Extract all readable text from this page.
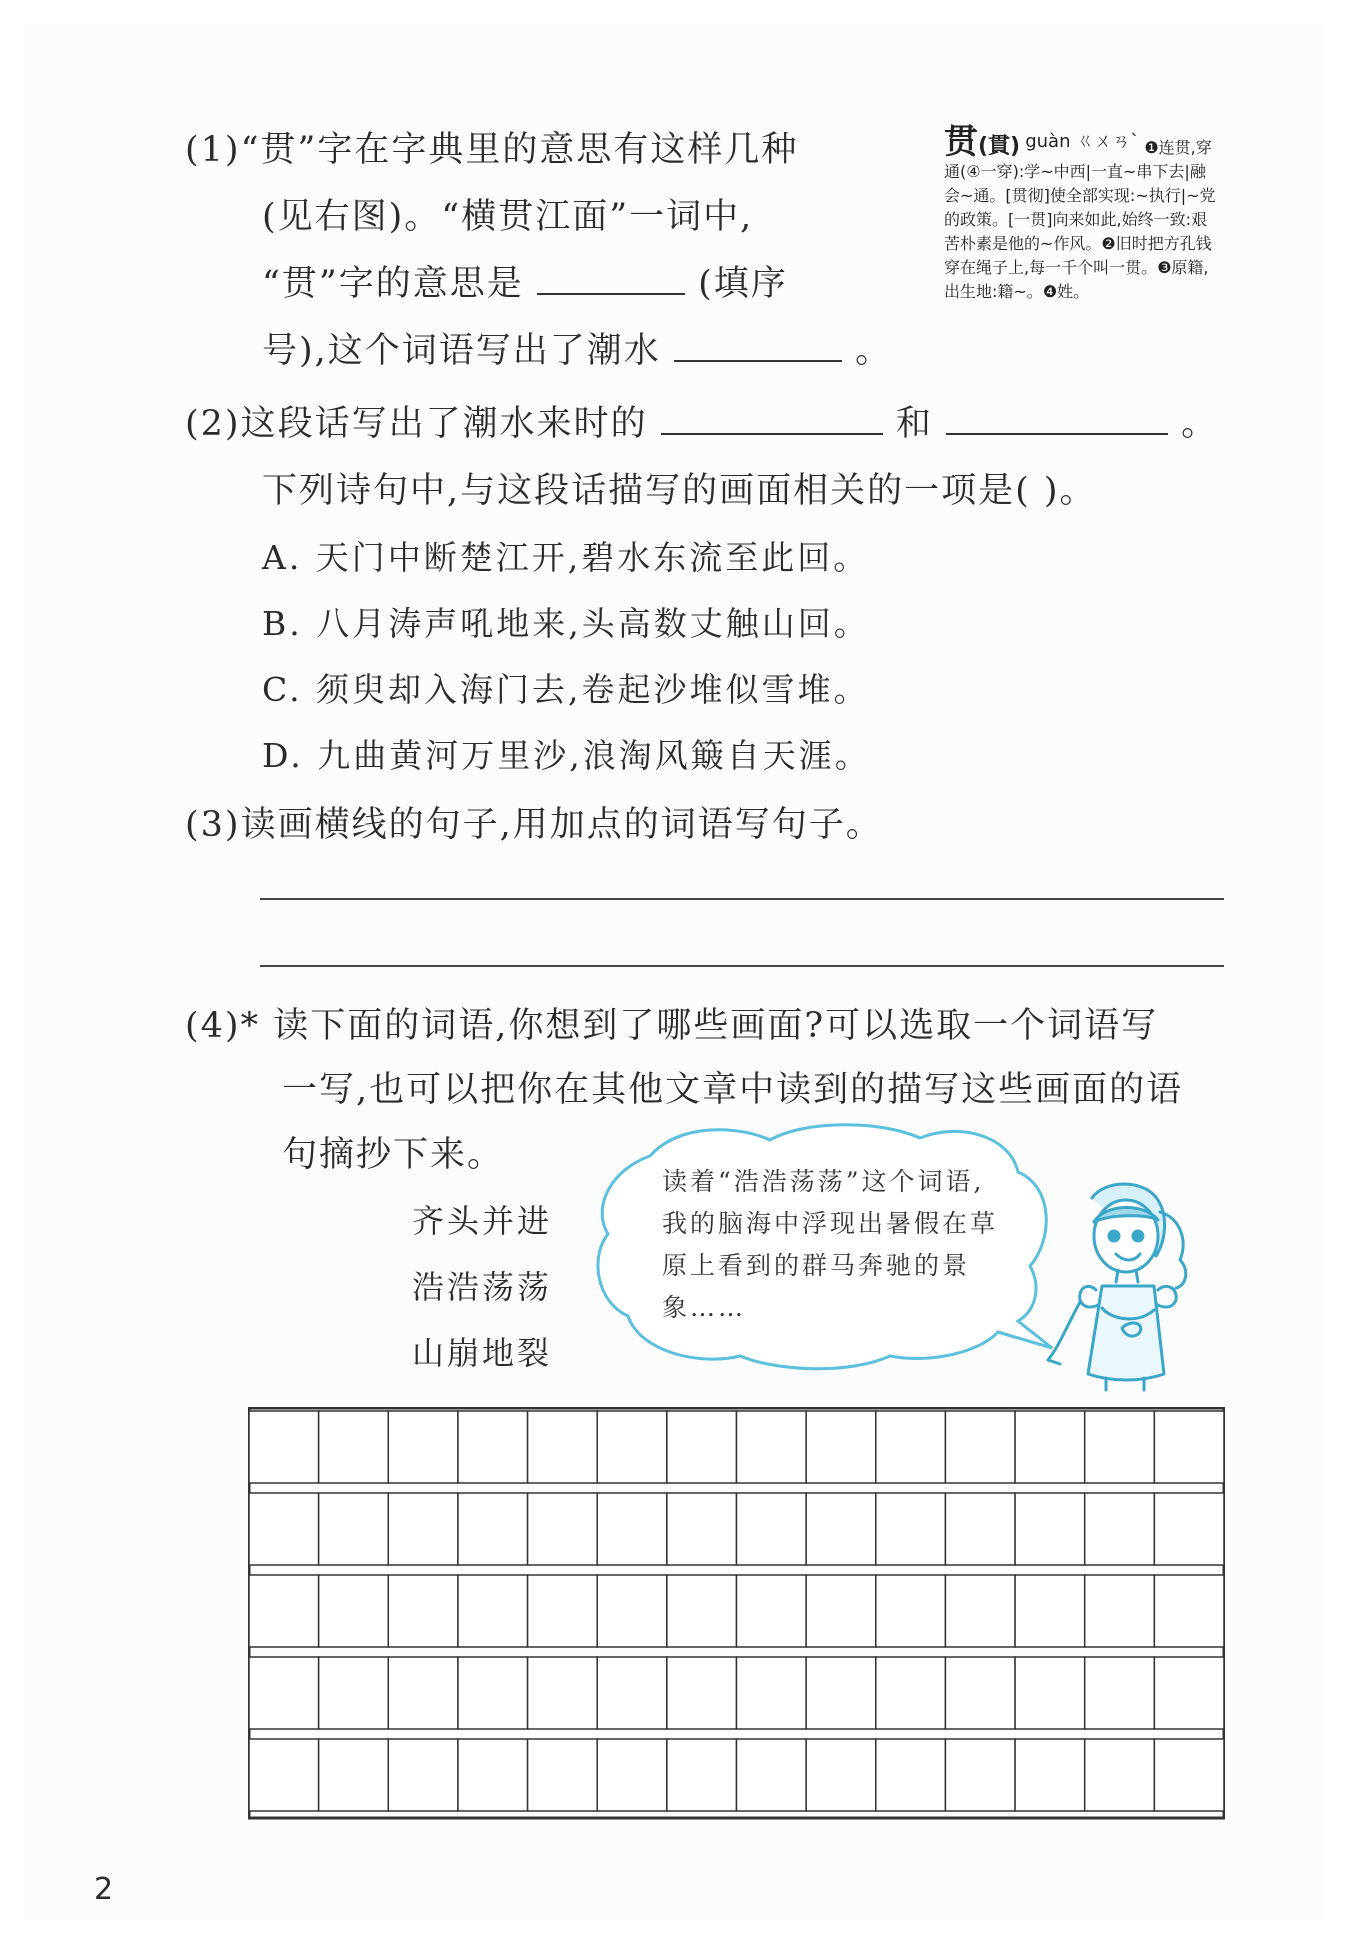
(1)“贯”字在字典里的意思有这样几种
(见右图)。“横贯江面”一词中,
“贯”字的意思是	(填序
号),这个词语写出了潮水	。
贯(貫) guàn ㄍㄨㄢˋ ❶连贯,穿通(④一穿):学~中西|一直~串下去|融会~通。[贯彻]使全部实现:~执行|~党的政策。[一贯]向来如此,始终一致:艰苦朴素是他的~作风。❷旧时把方孔钱穿在绳子上,每一千个叫一贯。❸原籍,出生地:籍~。❹姓。
(2)这段话写出了潮水来时的	和	。
下列诗句中,与这段话描写的画面相关的一项是( )。
A. 天门中断楚江开,碧水东流至此回。
B. 八月涛声吼地来,头高数丈触山回。
C. 须臾却入海门去,卷起沙堆似雪堆。
D. 九曲黄河万里沙,浪淘风簸自天涯。
(3)读画横线的句子,用加点的词语写句子。
(4)* 读下面的词语,你想到了哪些画面?可以选取一个词语写
一写,也可以把你在其他文章中读到的描写这些画面的语
句摘抄下来。
齐头并进
浩浩荡荡
山崩地裂
读着“浩浩荡荡”这个词语,我的脑海中浮现出暑假在草原上看到的群马奔驰的景象……
2
